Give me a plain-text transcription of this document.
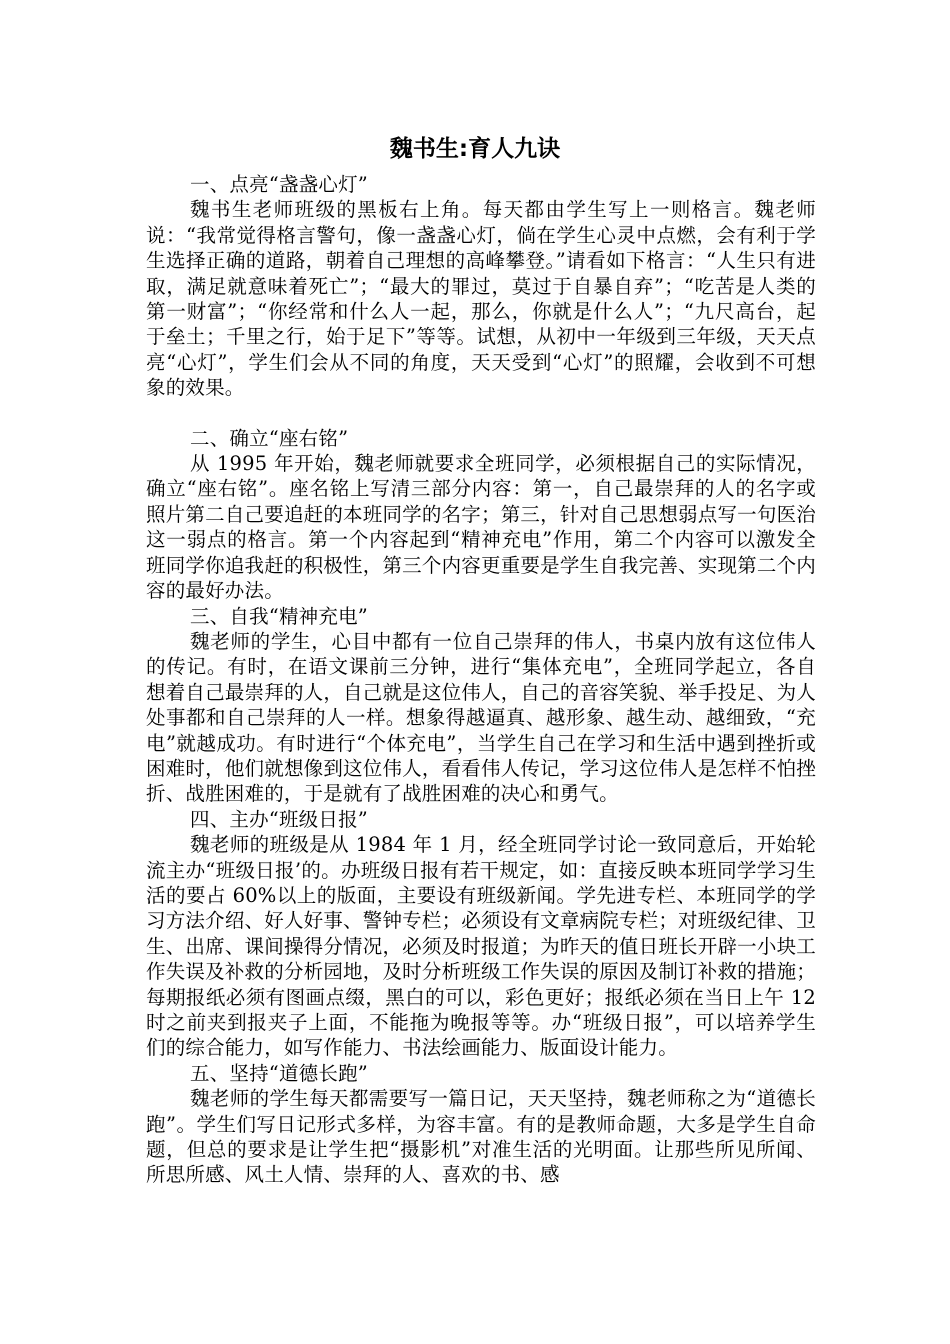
魏书生:育人九诀

一、点亮“盏盏心灯”

魏书生老师班级的黑板右上角。每天都由学生写上一则格言。魏老师说：“我常觉得格言警句，像一盏盏心灯，倘在学生心灵中点燃，会有利于学生选择正确的道路，朝着自己理想的高峰攀登。”请看如下格言：“人生只有进取，满足就意味着死亡”；“最大的罪过，莫过于自暴自弃”；“吃苦是人类的第一财富”；“你经常和什么人一起，那么，你就是什么人”；“九尺高台，起于垒土；千里之行，始于足下”等等。试想，从初中一年级到三年级，天天点亮“心灯”，学生们会从不同的角度，天天受到“心灯”的照耀，会收到不可想象的效果。

二、确立“座右铭”

从 1995 年开始，魏老师就要求全班同学，必须根据自己的实际情况，确立“座右铭”。座名铭上写清三部分内容：第一，自己最崇拜的人的名字或照片第二自己要追赶的本班同学的名字；第三，针对自己思想弱点写一句医治这一弱点的格言。第一个内容起到“精神充电”作用，第二个内容可以激发全班同学你追我赶的积极性，第三个内容更重要是学生自我完善、实现第二个内容的最好办法。

三、自我“精神充电”

魏老师的学生，心目中都有一位自己崇拜的伟人，书桌内放有这位伟人的传记。有时，在语文课前三分钟，进行“集体充电”，全班同学起立，各自想着自己最崇拜的人，自己就是这位伟人，自己的音容笑貌、举手投足、为人处事都和自己崇拜的人一样。想象得越逼真、越形象、越生动、越细致，“充电”就越成功。有时进行“个体充电”，当学生自己在学习和生活中遇到挫折或困难时，他们就想像到这位伟人，看看伟人传记，学习这位伟人是怎样不怕挫折、战胜困难的，于是就有了战胜困难的决心和勇气。

四、主办“班级日报”

魏老师的班级是从 1984 年 1 月，经全班同学讨论一致同意后，开始轮流主办“班级日报’的。办班级日报有若干规定，如：直接反映本班同学学习生活的要占 60%以上的版面，主要设有班级新闻。学先进专栏、本班同学的学习方法介绍、好人好事、警钟专栏；必须设有文章病院专栏；对班级纪律、卫生、出席、课间操得分情况，必须及时报道；为昨天的值日班长开辟一小块工作失误及补救的分析园地，及时分析班级工作失误的原因及制订补救的措施；每期报纸必须有图画点缀，黑白的可以，彩色更好；报纸必须在当日上午 12 时之前夹到报夹子上面，不能拖为晚报等等。办“班级日报”，可以培养学生们的综合能力，如写作能力、书法绘画能力、版面设计能力。

五、坚持“道德长跑”

魏老师的学生每天都需要写一篇日记，天天坚持，魏老师称之为“道德长跑”。学生们写日记形式多样，为容丰富。有的是教师命题，大多是学生自命题，但总的要求是让学生把“摄影机”对准生活的光明面。让那些所见所闻、所思所感、风土人情、崇拜的人、喜欢的书、感
